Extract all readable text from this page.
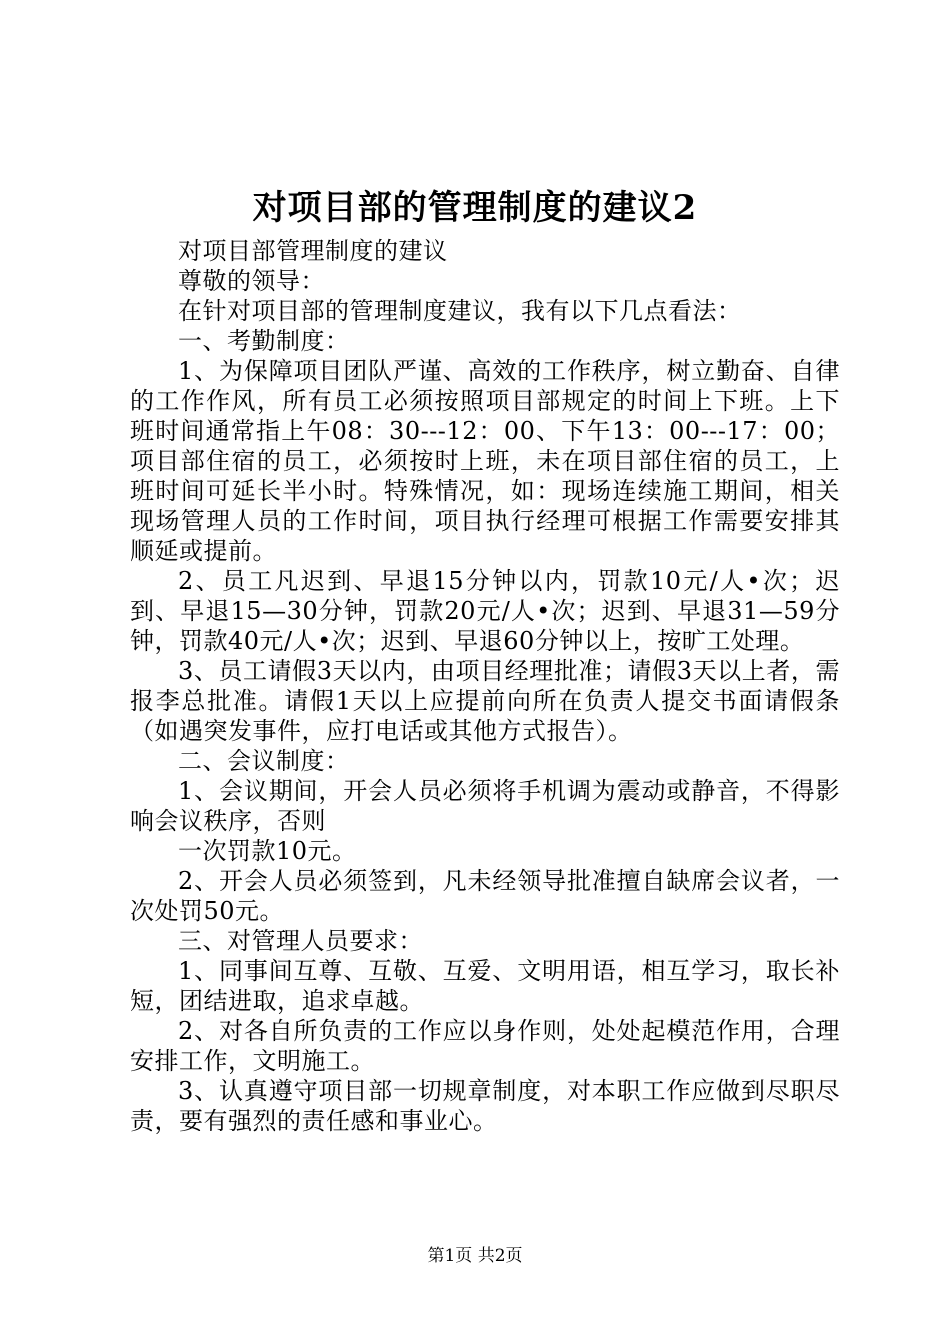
对项目部的管理制度的建议2

对项目部管理制度的建议

尊敬的领导：

在针对项目部的管理制度建议，我有以下几点看法：

一、考勤制度：

1、为保障项目团队严谨、高效的工作秩序，树立勤奋、自律的工作作风，所有员工必须按照项目部规定的时间上下班。上下班时间通常指上午08：30---12：00、下午13：00---17：00；项目部住宿的员工，必须按时上班，未在项目部住宿的员工，上班时间可延长半小时。特殊情况，如：现场连续施工期间，相关现场管理人员的工作时间，项目执行经理可根据工作需要安排其顺延或提前。

2、员工凡迟到、早退15分钟以内，罚款10元/人•次；迟到、早退15—30分钟，罚款20元/人•次；迟到、早退31—59分钟，罚款40元/人•次；迟到、早退60分钟以上，按旷工处理。

3、员工请假3天以内，由项目经理批准；请假3天以上者，需报李总批准。请假1天以上应提前向所在负责人提交书面请假条（如遇突发事件，应打电话或其他方式报告）。

二、会议制度：

1、会议期间，开会人员必须将手机调为震动或静音，不得影响会议秩序，否则

一次罚款10元。

2、开会人员必须签到，凡未经领导批准擅自缺席会议者，一次处罚50元。

三、对管理人员要求：

1、同事间互尊、互敬、互爱、文明用语，相互学习，取长补短，团结进取，追求卓越。

2、对各自所负责的工作应以身作则，处处起模范作用，合理安排工作，文明施工。

3、认真遵守项目部一切规章制度，对本职工作应做到尽职尽责，要有强烈的责任感和事业心。

第1页 共2页
